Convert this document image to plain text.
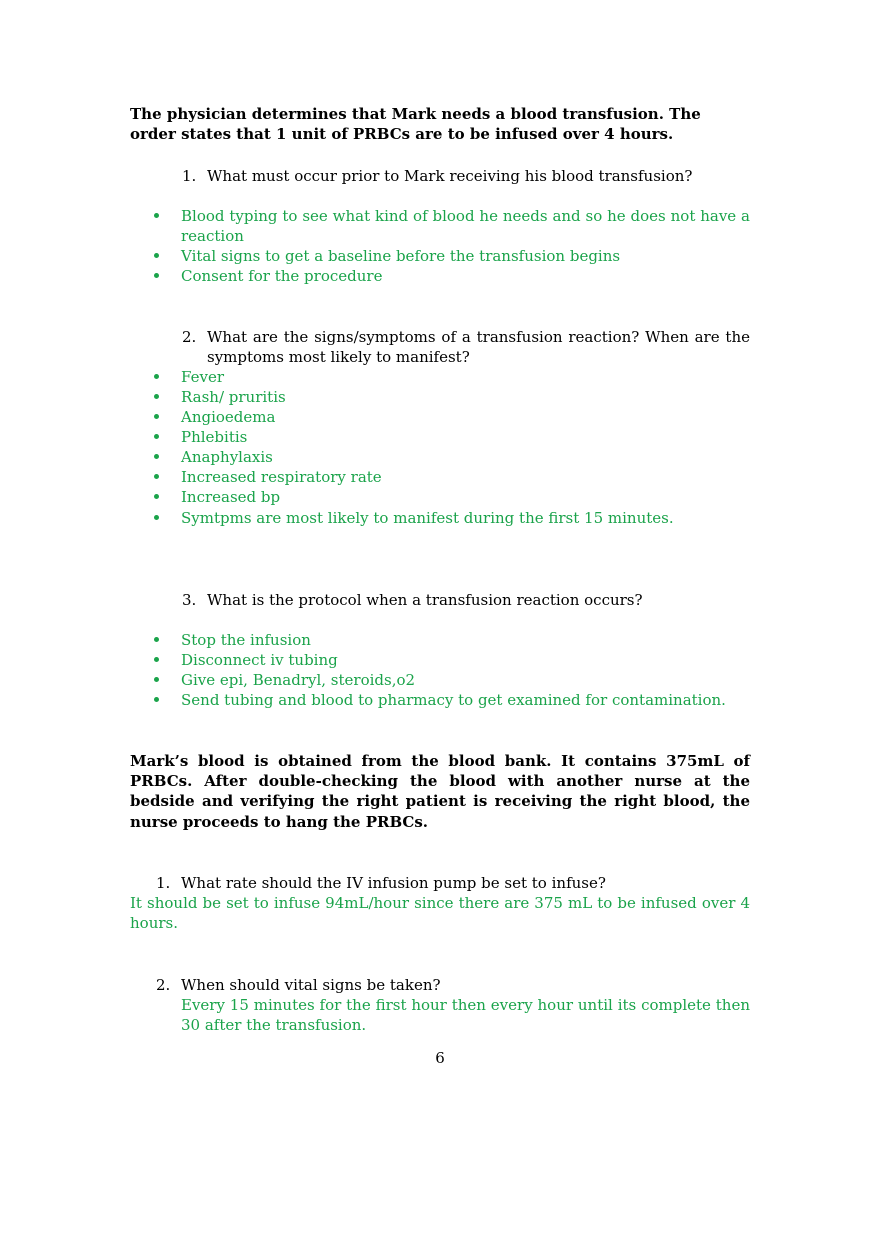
The physician determines that Mark needs a blood transfusion. The order states that 1 unit of PRBCs are to be infused over 4 hours.
1. What must occur prior to Mark receiving his blood transfusion?
Blood typing to see what kind of blood he needs and so he does not have a reaction
Vital signs to get a baseline before the transfusion begins
Consent for the procedure
2. What are the signs/symptoms of a transfusion reaction? When are the symptoms most likely to manifest?
Fever
Rash/ pruritis
Angioedema
Phlebitis
Anaphylaxis
Increased respiratory rate
Increased bp
Symtpms are most likely to manifest during the first 15 minutes.
3. What is the protocol when a transfusion reaction occurs?
Stop the infusion
Disconnect iv tubing
Give epi, Benadryl, steroids,o2
Send tubing and blood to pharmacy to get examined for contamination.
Mark’s blood is obtained from the blood bank. It contains 375mL of PRBCs. After double-checking the blood with another nurse at the bedside and verifying the right patient is receiving the right blood, the nurse proceeds to hang the PRBCs.
1. What rate should the IV infusion pump be set to infuse?
It should be set to infuse 94mL/hour since there are 375 mL to be infused over 4 hours.
2. When should vital signs be taken?
Every 15 minutes for the first hour then every hour until its complete then 30 after the transfusion.
6
